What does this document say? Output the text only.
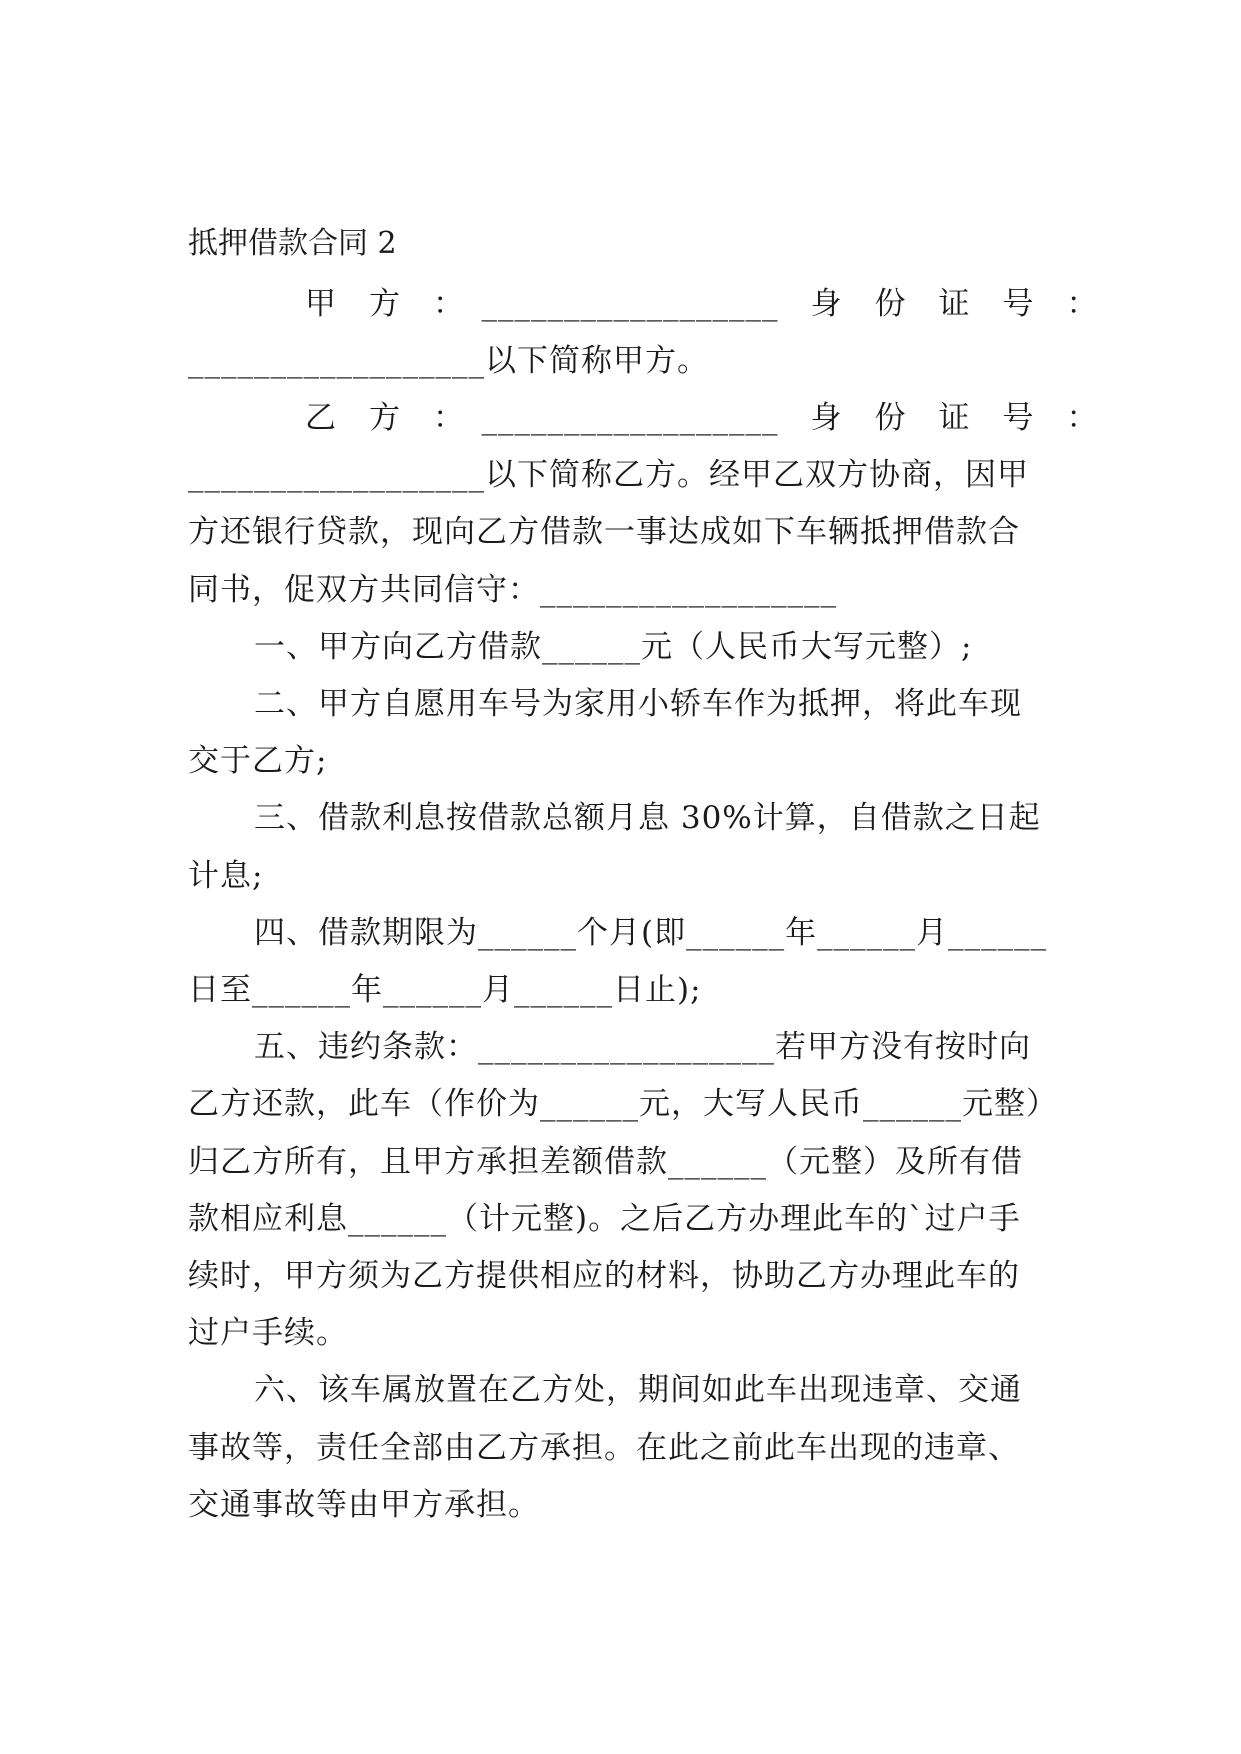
抵押借款合同 2
甲　方　：　__________________　身　份　证　号　：
__________________以下简称甲方。
乙　方　：　__________________　身　份　证　号　：
__________________以下简称乙方。经甲乙双方协商，因甲
方还银行贷款，现向乙方借款一事达成如下车辆抵押借款合
同书，促双方共同信守：__________________
一、甲方向乙方借款______元（人民币大写元整）;
二、甲方自愿用车号为家用小轿车作为抵押，将此车现
交于乙方;
三、借款利息按借款总额月息 30%计算，自借款之日起
计息;
四、借款期限为______个月(即______年______月______
日至______年______月______日止);
五、违约条款：__________________若甲方没有按时向
乙方还款，此车（作价为______元，大写人民币______元整）
归乙方所有，且甲方承担差额借款______（元整）及所有借
款相应利息______（计元整)。之后乙方办理此车的`过户手
续时，甲方须为乙方提供相应的材料，协助乙方办理此车的
过户手续。
六、该车属放置在乙方处，期间如此车出现违章、交通
事故等，责任全部由乙方承担。在此之前此车出现的违章、
交通事故等由甲方承担。
